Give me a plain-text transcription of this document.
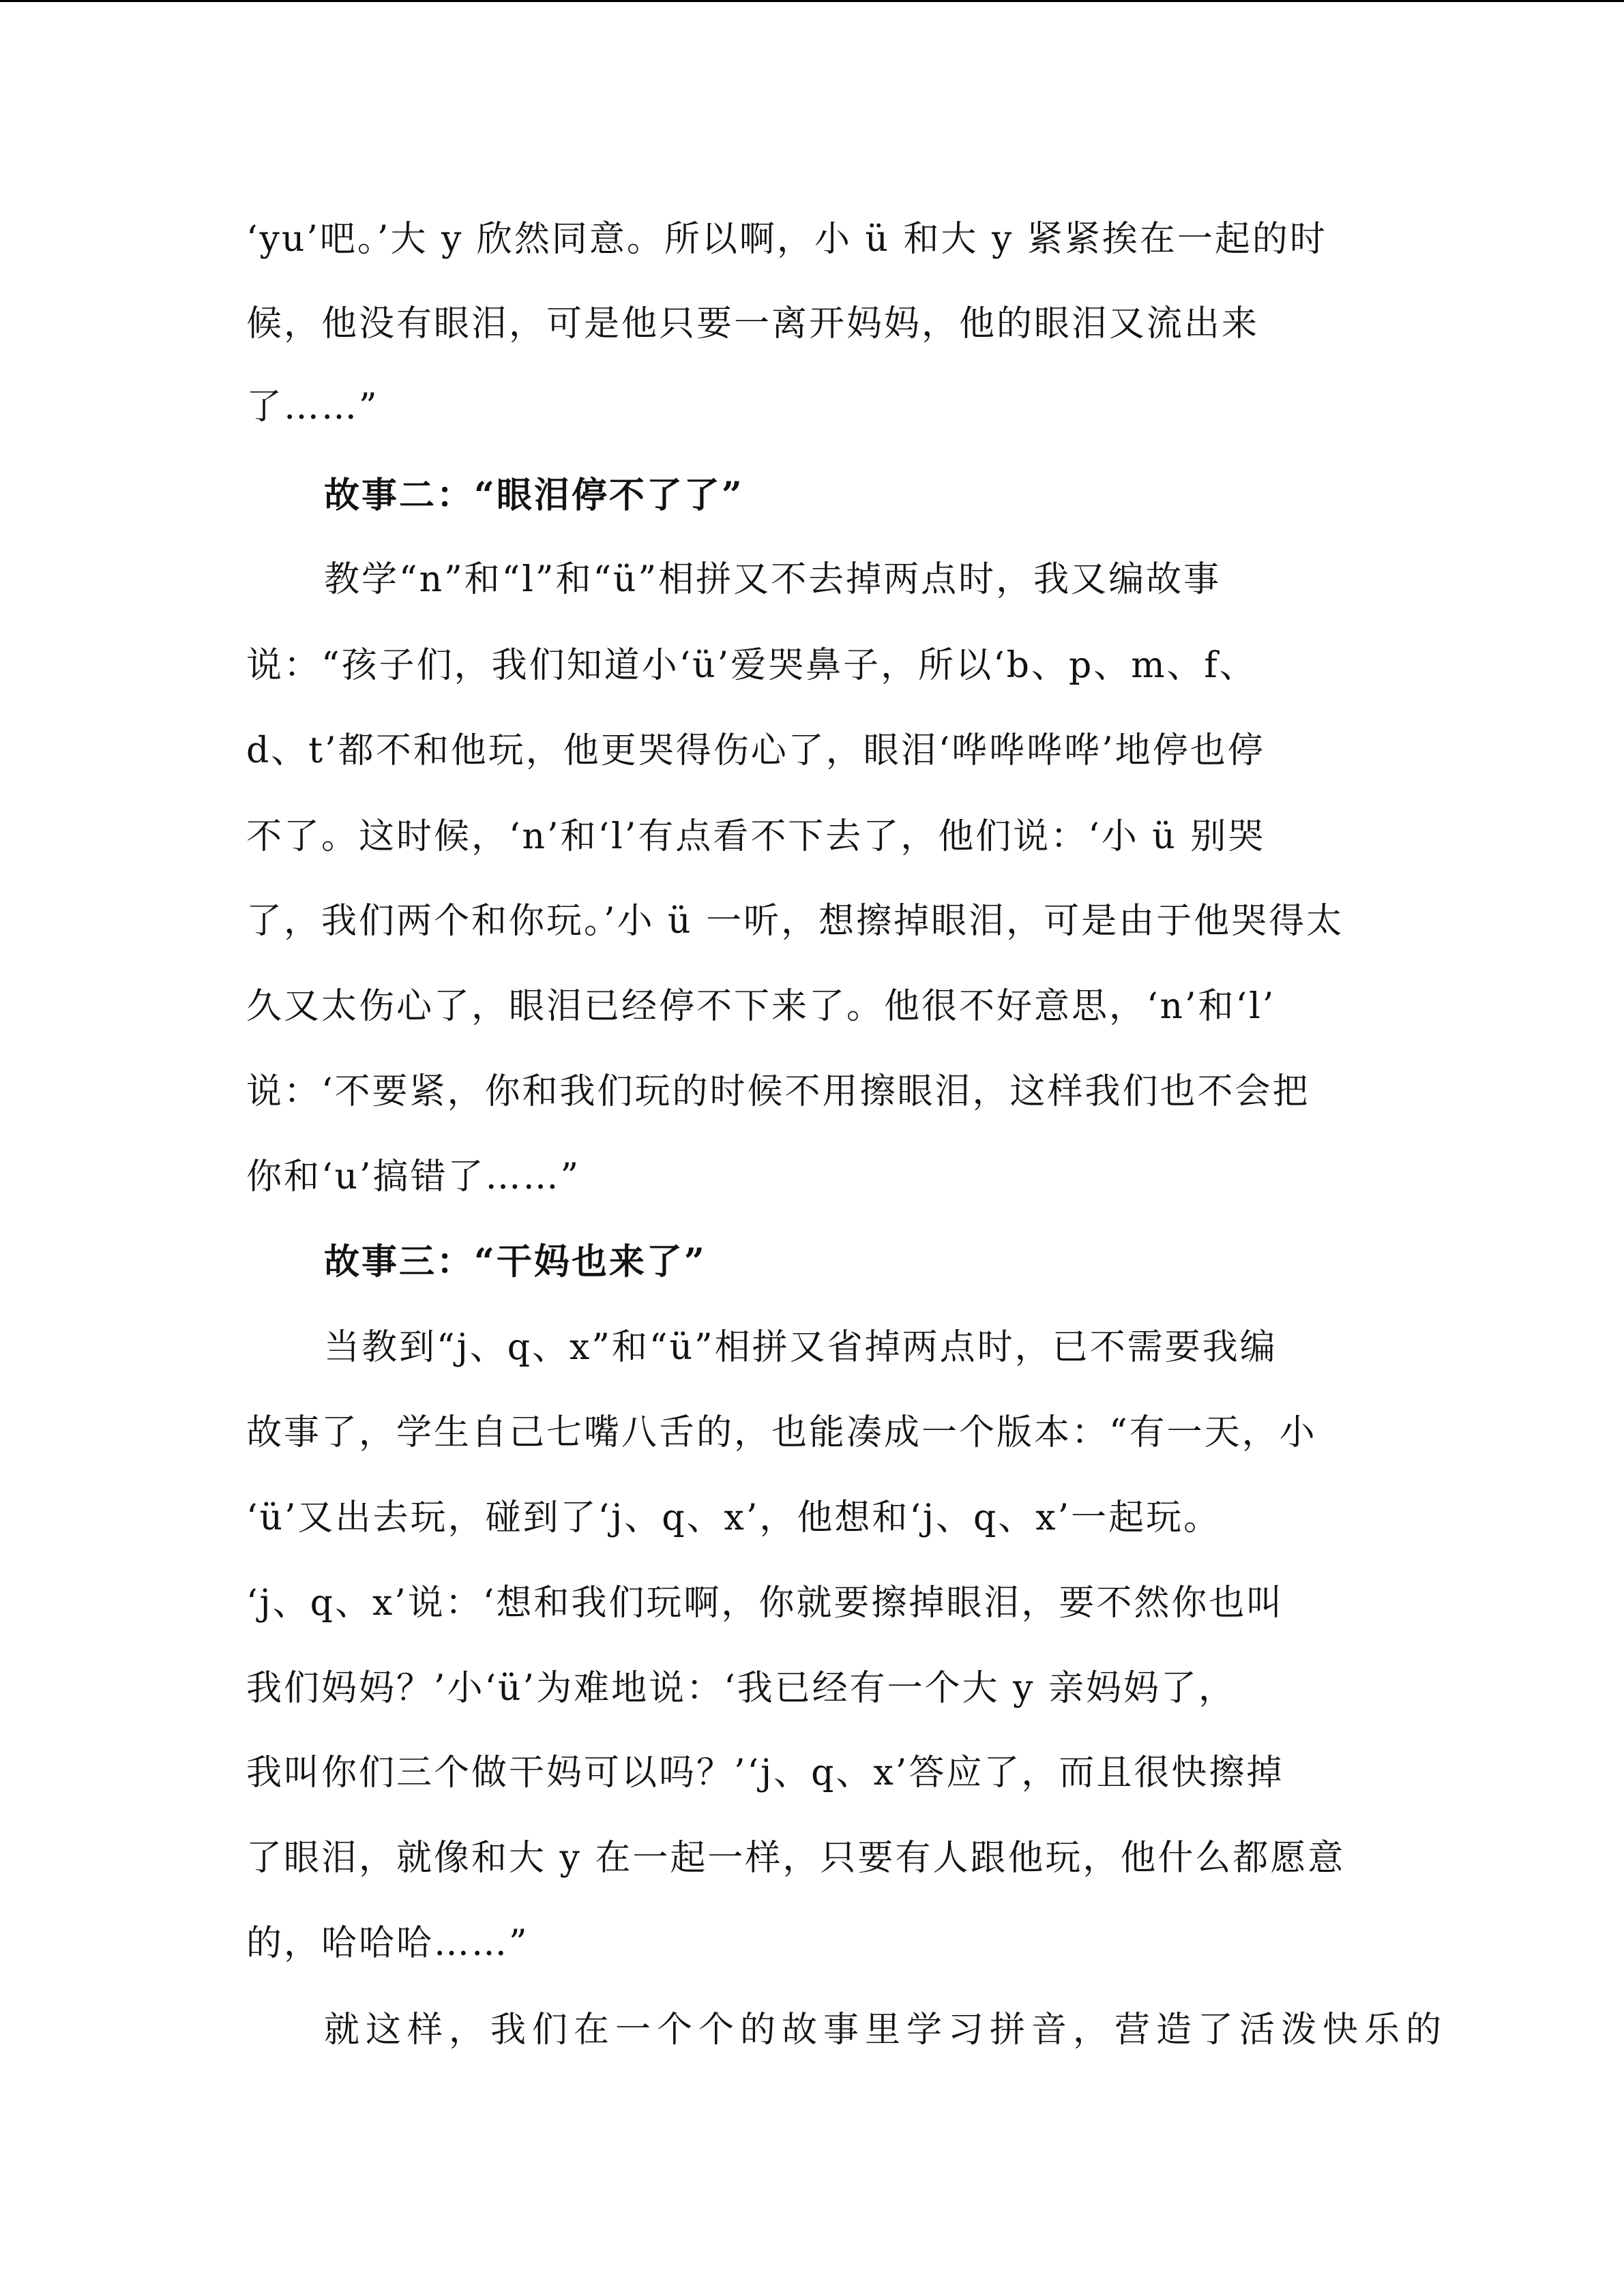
‘yu’吧。’大 y 欣然同意。所以啊，小 ü 和大 y 紧紧挨在一起的时
候，他没有眼泪，可是他只要一离开妈妈，他的眼泪又流出来
了……”
故事二：“眼泪停不了了”
教学“n”和“l”和“ü”相拼又不去掉两点时，我又编故事
说：“孩子们，我们知道小‘ü’爱哭鼻子，所以‘b、p、m、f、
d、t’都不和他玩，他更哭得伤心了，眼泪‘哗哗哗哗’地停也停
不了。这时候，‘n’和‘l’有点看不下去了，他们说：‘小 ü 别哭
了，我们两个和你玩。’小 ü 一听，想擦掉眼泪，可是由于他哭得太
久又太伤心了，眼泪已经停不下来了。他很不好意思，‘n’和‘l’
说：‘不要紧，你和我们玩的时候不用擦眼泪，这样我们也不会把
你和‘u’搞错了……”
故事三：“干妈也来了”
当教到“j、q、x”和“ü”相拼又省掉两点时，已不需要我编
故事了，学生自己七嘴八舌的，也能凑成一个版本：“有一天，小
‘ü’又出去玩，碰到了‘j、q、x’，他想和‘j、q、x’一起玩。
‘j、q、x’说：‘想和我们玩啊，你就要擦掉眼泪，要不然你也叫
我们妈妈？’小‘ü’为难地说：‘我已经有一个大 y 亲妈妈了，
我叫你们三个做干妈可以吗？’‘j、q、x’答应了，而且很快擦掉
了眼泪，就像和大 y 在一起一样，只要有人跟他玩，他什么都愿意
的，哈哈哈……”
就这样，我们在一个个的故事里学习拼音，营造了活泼快乐的
